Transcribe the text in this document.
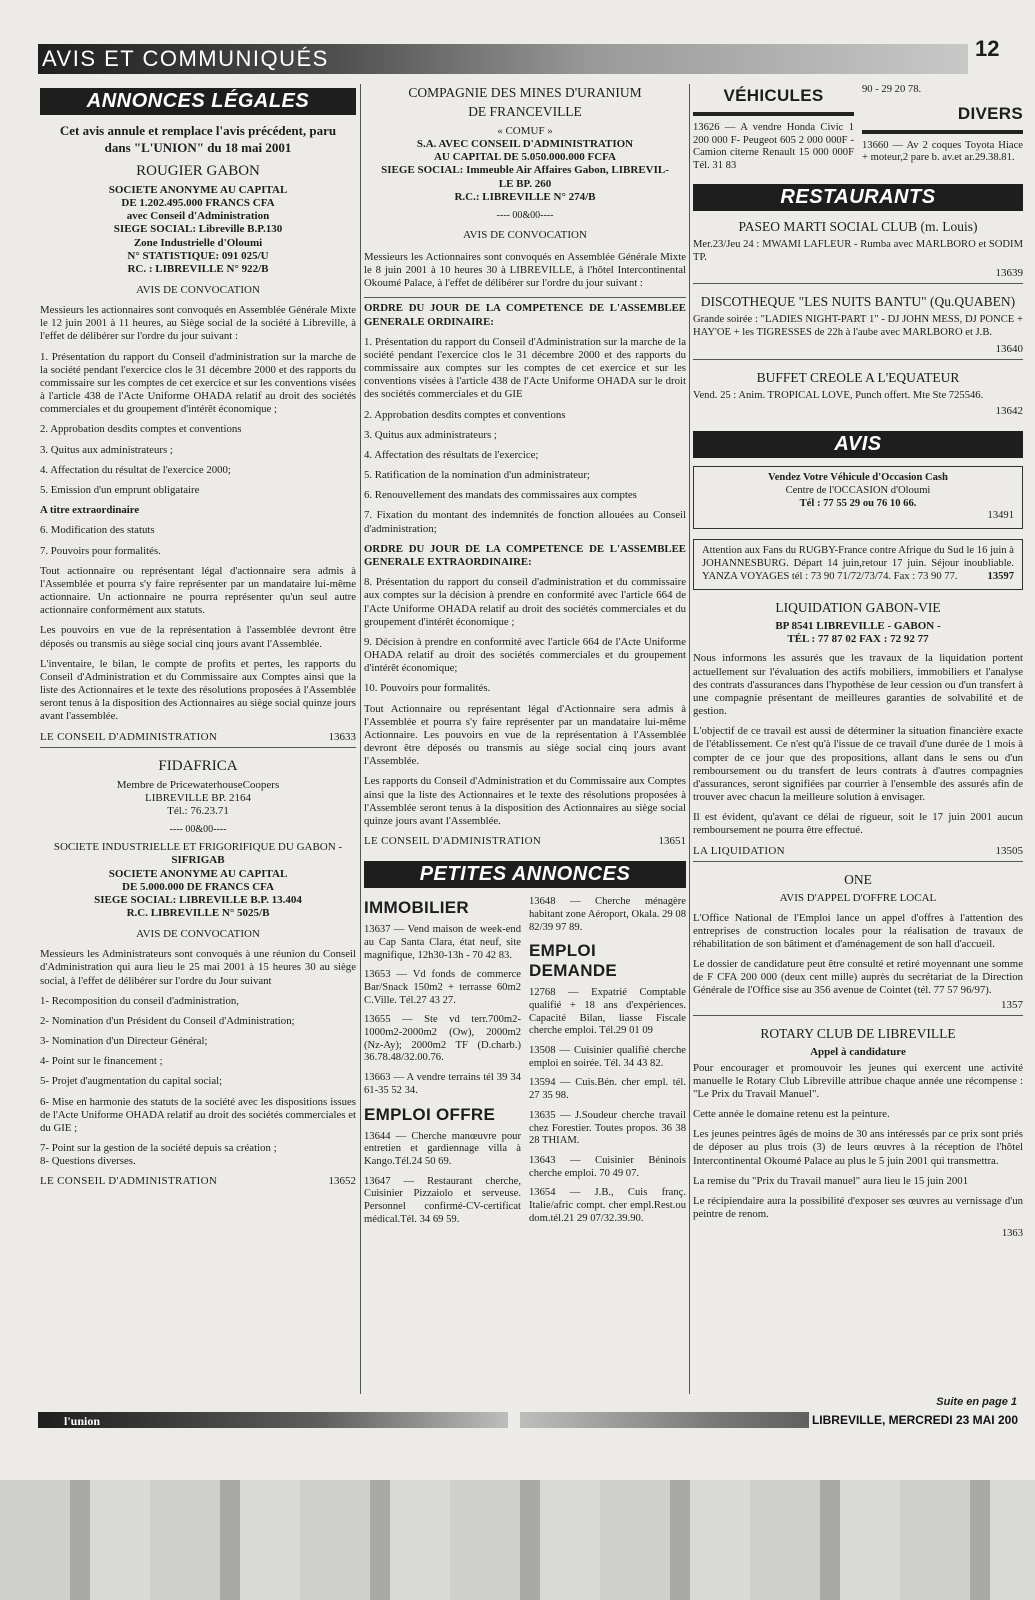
AVIS ET COMMUNIQUÉS	12
ANNONCES LÉGALES
Cet avis annule et remplace l'avis précédent, paru dans "L'UNION" du 18 mai 2001
ROUGIER GABON
SOCIETE ANONYME AU CAPITAL
DE 1.202.495.000 FRANCS CFA
avec Conseil d'Administration
SIEGE SOCIAL: Libreville B.P.130
Zone Industrielle d'Oloumi
N° STATISTIQUE: 091 025/U
RC. : LIBREVILLE N° 922/B
AVIS DE CONVOCATION

Messieurs les actionnaires sont convoqués en Assemblée Générale Mixte le 12 juin 2001 à 11 heures, au Siège social de la société à Libreville, à l'effet de délibérer sur l'ordre du jour suivant :

1. Présentation du rapport du Conseil d'administration sur la marche de la société pendant l'exercice clos le 31 décembre 2000 et des rapports du commissaire sur les comptes de cet exercice et sur les conventions visées à l'article 438 de l'Acte Uniforme OHADA relatif au droit des sociétés commerciales et du groupement d'intérêt économique ;

2. Approbation desdits comptes et conventions

3. Quitus aux administrateurs ;

4. Affectation du résultat de l'exercice 2000;

5. Emission d'un emprunt obligataire

A titre extraordinaire

6. Modification des statuts

7. Pouvoirs pour formalités.

Tout actionnaire ou représentant légal d'actionnaire sera admis à l'Assemblée et pourra s'y faire représenter par un mandataire lui-même actionnaire. Un actionnaire ne pourra représenter qu'un seul autre actionnaire conformément aux statuts.

Les pouvoirs en vue de la représentation à l'assemblée devront être déposés ou transmis au siège social cinq jours avant l'Assemblée.

L'inventaire, le bilan, le compte de profits et pertes, les rapports du Conseil d'Administration et du Commissaire aux Comptes ainsi que la liste des Actionnaires et le texte des résolutions proposées à l'Assemblée seront tenus à la disposition des Actionnaires au siège social quinze jours avant l'assemblée.

LE CONSEIL D'ADMINISTRATION	13633
FIDAFRICA
Membre de PricewaterhouseCoopers
LIBREVILLE BP. 2164
Tél.: 76.23.71
---- 00&00----
SOCIETE INDUSTRIELLE ET FRIGORIFIQUE DU GABON -
SIFRIGAB
SOCIETE ANONYME AU CAPITAL
DE 5.000.000 DE FRANCS CFA
SIEGE SOCIAL: LIBREVILLE B.P. 13.404
R.C. LIBREVILLE N° 5025/B
AVIS DE CONVOCATION

Messieurs les Administrateurs sont convoqués à une réunion du Conseil d'Administration qui aura lieu le 25 mai 2001 à 15 heures 30 au siège social, à l'effet de délibérer sur l'ordre du Jour suivant

1- Recomposition du conseil d'administration,

2- Nomination d'un Président du Conseil d'Administration;

3- Nomination d'un Directeur Général;

4- Point sur le financement ;

5- Projet d'augmentation du capital social;

6- Mise en harmonie des statuts de la société avec les dispositions issues de l'Acte Uniforme OHADA relatif au droit des sociétés commerciales et du GIE ;

7- Point sur la gestion de la société depuis sa création ;

8- Questions diverses.

LE CONSEIL D'ADMINISTRATION	13652
COMPAGNIE DES MINES D'URANIUM
DE FRANCEVILLE
« COMUF »
S.A. AVEC CONSEIL D'ADMINISTRATION
AU CAPITAL DE 5.050.000.000 FCFA
SIEGE SOCIAL: Immeuble Air Affaires Gabon, LIBREVIL-
LE BP. 260
R.C.: LIBREVILLE N° 274/B
---- 00&00----
AVIS DE CONVOCATION

Messieurs les Actionnaires sont convoqués en Assemblée Générale Mixte le 8 juin 2001 à 10 heures 30 à LIBREVILLE, à l'hôtel Intercontinental Okoumé Palace, à l'effet de délibérer sur l'ordre du jour suivant :

ORDRE DU JOUR DE LA COMPETENCE DE L'ASSEMBLEE GENERALE ORDINAIRE:

1. Présentation du rapport du Conseil d'Administration sur la marche de la société pendant l'exercice clos le 31 décembre 2000 et des rapports du commissaire aux comptes sur les comptes de cet exercice et sur les conventions visées à l'article 438 de l'Acte Uniforme OHADA sur le droit des sociétés commerciales et du GIE

2. Approbation desdits comptes et conventions

3. Quitus aux administrateurs ;

4. Affectation des résultats de l'exercice;

5. Ratification de la nomination d'un administrateur;

6. Renouvellement des mandats des commissaires aux comptes

7. Fixation du montant des indemnités de fonction allouées au Conseil d'administration;

ORDRE DU JOUR DE LA COMPETENCE DE L'ASSEMBLEE GENERALE EXTRAORDINAIRE:

8. Présentation du rapport du conseil d'administration et du commissaire aux comptes sur la décision à prendre en conformité avec l'article 664 de l'Acte Uniforme OHADA relatif au droit des sociétés commerciales et du groupement d'intérêt économique ;

9. Décision à prendre en conformité avec l'article 664 de l'Acte Uniforme OHADA relatif au droit des sociétés commerciales et du groupement d'intérêt économique;

10. Pouvoirs pour formalités.

Tout Actionnaire ou représentant légal d'Actionnaire sera admis à l'Assemblée et pourra s'y faire représenter par un mandataire lui-même Actionnaire. Les pouvoirs en vue de la représentation à l'Assemblée devront être déposés ou transmis au siège social cinq jours avant l'Assemblée.

Les rapports du Conseil d'Administration et du Commissaire aux Comptes ainsi que la liste des Actionnaires et le texte des résolutions proposées à l'Assemblée seront tenus à la disposition des Actionnaires au siège social quinze jours avant l'Assemblée.

LE CONSEIL D'ADMINISTRATION	13651
PETITES ANNONCES
IMMOBILIER

13637 — Vend maison de week-end au Cap Santa Clara, état neuf, site magnifique, 12h30-13h - 70 42 83.

13653 — Vd fonds de commerce Bar/Snack 150m2 + terrasse 60m2 C.Ville. Tél.27 43 27.

13655 — Ste vd terr.700m2-1000m2-2000m2 (Ow), 2000m2 (Nz-Ay); 2000m2 TF (D.charb.) 36.78.48/32.00.76.

13663 — A vendre terrains tél 39 34 61-35 52 34.

EMPLOI OFFRE

13644 — Cherche manœuvre pour entretien et gardiennage villa à Kango.Tél.24 50 69.

13647 — Restaurant cherche, Cuisinier Pizzaiolo et serveuse. Personnel confirmé-CV-certificat médical.Tél. 34 69 59.

13648 — Cherche ménagère habitant zone Aéroport, Okala. 29 08 82/39 97 89.

EMPLOI DEMANDE

12768 — Expatrié Comptable qualifié + 18 ans d'expériences. Capacité Bilan, liasse Fiscale cherche emploi. Tél.29 01 09

13508 — Cuisinier qualifié cherche emploi en soirée. Tél. 34 43 82.

13594 — Cuis.Bén. cher empl. tél. 27 35 98.

13635 — J.Soudeur cherche travail chez Forestier. Toutes propos. 36 38 28 THIAM.

13643 — Cuisinier Béninois cherche emploi. 70 49 07.

13654 — J.B., Cuis franç. Italie/afric compt. cher empl.Rest.ou dom.tél.21 29 07/32.39.90.

VÉHICULES

13626 — A vendre Honda Civic 1 200 000 F- Peugeot 605 2 000 000F - Camion citerne Renault 15 000 000F Tél. 31 83

90 - 29 20 78.

DIVERS

13660 — Av 2 coques Toyota Hiace + moteur,2 pare b. av.et ar.29.38.81.

RESTAURANTS
PASEO MARTI SOCIAL CLUB (m. Louis)

Mer.23/Jeu 24 : MWAMI LAFLEUR - Rumba avec MARLBORO et SODIM TP.

13639
DISCOTHEQUE "LES NUITS BANTU" (Qu.QUABEN)

Grande soirée : "LADIES NIGHT-PART 1" - DJ JOHN MESS, DJ PONCE + HAY'OE + les TIGRESSES de 22h à l'aube avec MARLBORO et J.B.

13640
BUFFET CREOLE A L'EQUATEUR

Vend. 25 : Anim. TROPICAL LOVE, Punch offert. Mte Ste 725546.

13642
AVIS
Vendez Votre Véhicule d'Occasion Cash
Centre de l'OCCASION d'Oloumi
Tél : 77 55 29 ou 76 10 66.
13491

Attention aux Fans du RUGBY-France contre Afrique du Sud le 16 juin à JOHANNESBURG. Départ 14 juin,retour 17 juin. Séjour inoubliable. YANZA VOYAGES tél : 73 90 71/72/73/74. Fax : 73 90 77.	13597
LIQUIDATION GABON-VIE
BP 8541 LIBREVILLE - GABON -
TÉL : 77 87 02 FAX : 72 92 77

Nous informons les assurés que les travaux de la liquidation portent actuellement sur l'évaluation des actifs mobiliers, immobiliers et l'analyse des contrats d'assurances dans l'hypothèse de leur cession ou d'un transfert à une compagnie présentant de meilleures garanties de solvabilité et de gestion.

L'objectif de ce travail est aussi de déterminer la situation financière exacte de l'établissement. Ce n'est qu'à l'issue de ce travail d'une durée de 1 mois à compter de ce jour que des propositions, allant dans le sens ou d'un remboursement ou du transfert de leurs contrats à d'autres compagnies d'assurances, seront signifiées par courrier à l'ensemble des assurés afin de trouver avec chacun la meilleure solution à envisager.

Il est évident, qu'avant ce délai de rigueur, soit le 17 juin 2001 aucun remboursement ne pourra être effectué.

LA LIQUIDATION	13505
ONE
AVIS D'APPEL D'OFFRE LOCAL

L'Office National de l'Emploi lance un appel d'offres à l'attention des entreprises de construction locales pour la réalisation de travaux de réhabilitation de son bâtiment et d'aménagement de son hall d'accueil.

Le dossier de candidature peut être consulté et retiré moyennant une somme de F CFA 200 000 (deux cent mille) auprès du secrétariat de la Direction Générale de l'Office sise au 356 avenue de Cointet (tél. 77 57 96/97).

1357
ROTARY CLUB DE LIBREVILLE
Appel à candidature

Pour encourager et promouvoir les jeunes qui exercent une activité manuelle le Rotary Club Libreville attribue chaque année une récompense : "Le Prix du Travail Manuel".

Cette année le domaine retenu est la peinture.

Les jeunes peintres âgés de moins de 30 ans intéressés par ce prix sont priés de déposer au plus trois (3) de leurs œuvres à la réception de l'hôtel Intercontinental Okoumé Palace au plus le 5 juin 2001 qui transmettra.

La remise du "Prix du Travail manuel" aura lieu le 15 juin 2001

Le récipiendaire aura la possibilité d'exposer ses œuvres au vernissage d'un peintre de renom.

1363
Suite en page 1
l'union	LIBREVILLE, MERCREDI 23 MAI 200
